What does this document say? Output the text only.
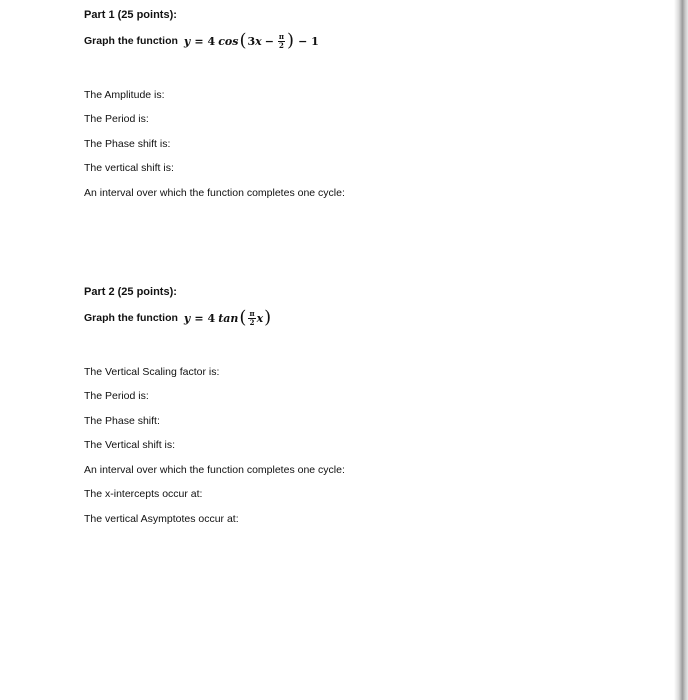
Part 1 (25 points):
Graph the function y = 4 cos ( 3 $x - \frac{\pi}{2}$ ) − 1
The Amplitude is:
The Period is:
The Phase shift is:
The vertical shift is:
An interval over which the function completes one cycle:
Part 2 (25 points):
Graph the function y = 4 tan ( $\frac{\pi}{2}$ x )
The Vertical Scaling factor is:
The Period is:
The Phase shift:
The Vertical shift is:
An interval over which the function completes one cycle:
The x-intercepts occur at:
The vertical Asymptotes occur at:
